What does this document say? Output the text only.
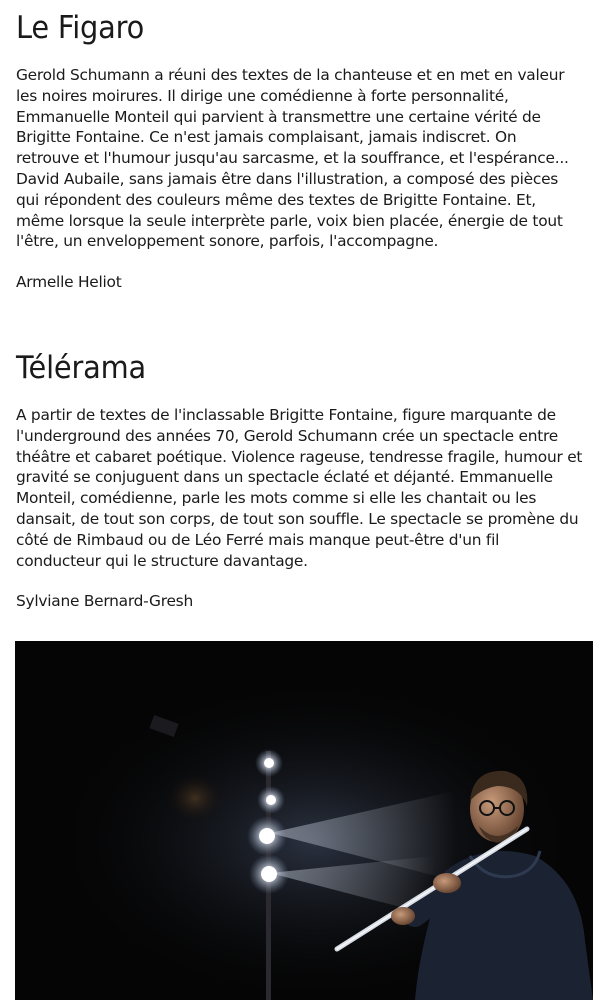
Le Figaro

Gerold Schumann a réuni des textes de la chanteuse et en met en valeur les noires moirures. Il dirige une comédienne à forte personnalité, Emmanuelle Monteil qui parvient à transmettre une certaine vérité de Brigitte Fontaine. Ce n'est jamais complaisant, jamais indiscret. On retrouve et l'humour jusqu'au sarcasme, et la souffrance, et l'espérance...

David Aubaile, sans jamais être dans l'illustration, a composé des pièces qui répondent des couleurs même des textes de Brigitte Fontaine. Et, même lorsque la seule interprète parle, voix bien placée, énergie de tout l'être, un enveloppement sonore, parfois, l'accompagne.

Armelle Heliot

Télérama

A partir de textes de l'inclassable Brigitte Fontaine, figure marquante de l'underground des années 70, Gerold Schumann crée un spectacle entre théâtre et cabaret poétique. Violence rageuse, tendresse fragile, humour et gravité se conjuguent dans un spectacle éclaté et déjanté. Emmanuelle Monteil, comédienne, parle les mots comme si elle les chantait ou les dansait, de tout son corps, de tout son souffle. Le spectacle se promène du côté de Rimbaud ou de Léo Ferré mais manque peut-être d'un fil conducteur qui le structure davantage.

Sylviane Bernard-Gresh
